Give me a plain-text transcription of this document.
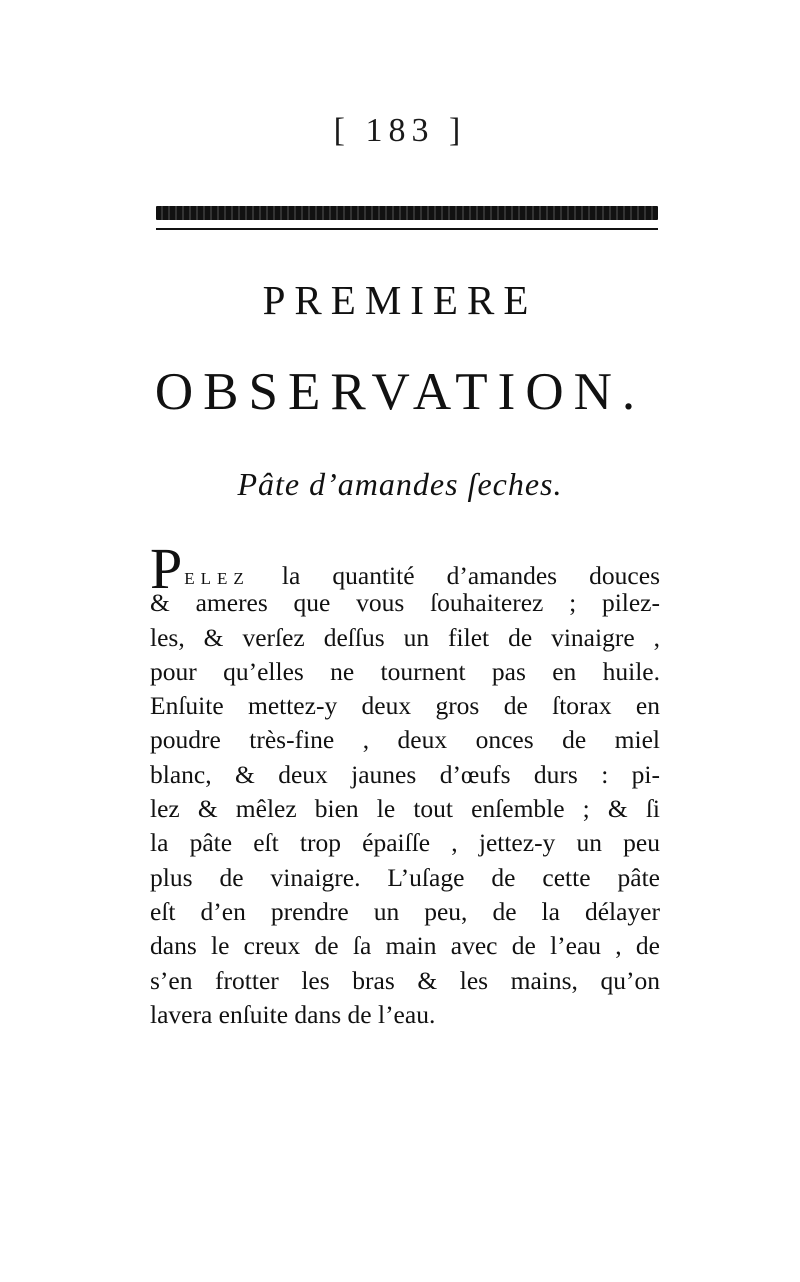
[ 183 ]
PREMIERE
OBSERVATION.
Pâte d’amandes ſeches.
PELEZ la quantité d’amandes douces
& ameres que vous ſouhaiterez ; pilez-
les, & verſez deſſus un filet de vinaigre ,
pour qu’elles ne tournent pas en huile.
Enſuite mettez-y deux gros de ſtorax en
poudre très-fine , deux onces de miel
blanc, & deux jaunes d’œufs durs : pi-
lez & mêlez bien le tout enſemble ; & ſi
la pâte eſt trop épaiſſe , jettez-y un peu
plus de vinaigre. L’uſage de cette pâte
eſt d’en prendre un peu, de la délayer
dans le creux de ſa main avec de l’eau , de
s’en frotter les bras & les mains, qu’on
lavera enſuite dans de l’eau.
